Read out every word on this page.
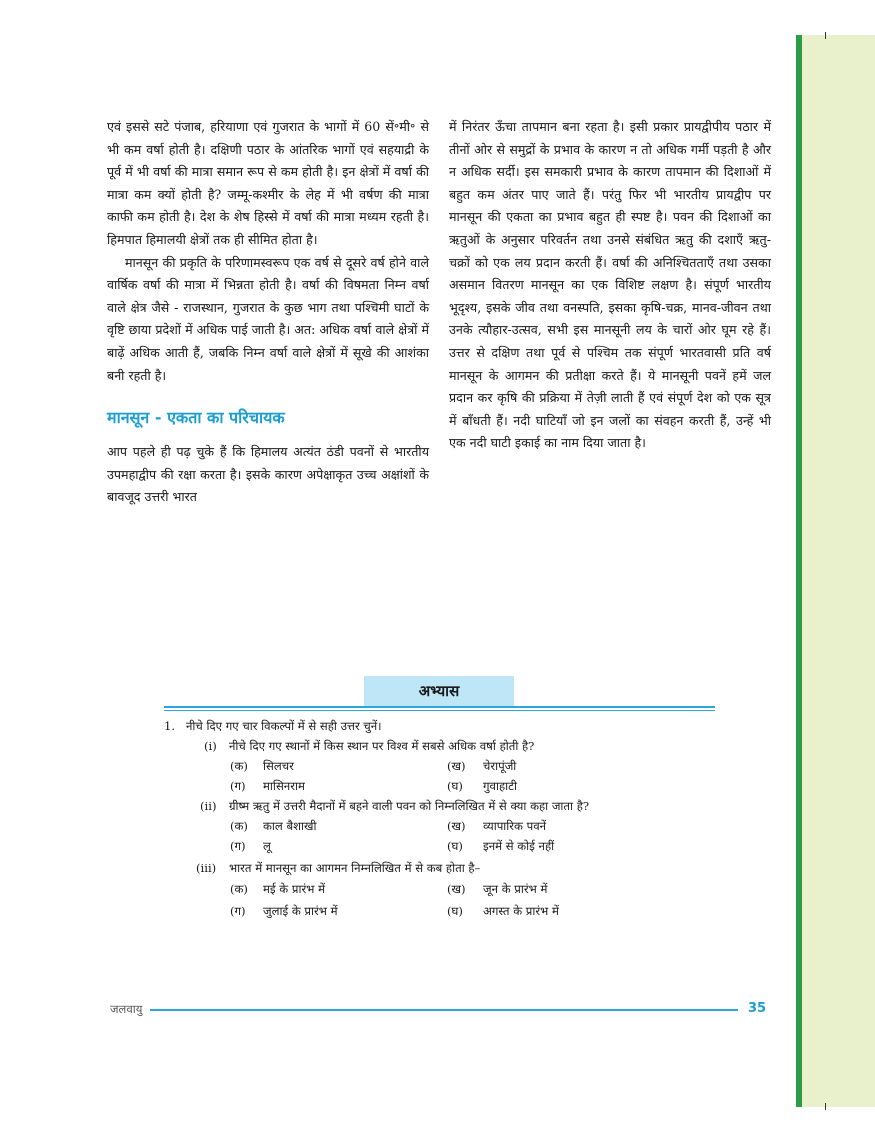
एवं इससे सटे पंजाब, हरियाणा एवं गुजरात के भागों में 60 सें॰मी॰ से भी कम वर्षा होती है। दक्षिणी पठार के आंतरिक भागों एवं सहयाद्री के पूर्व में भी वर्षा की मात्रा समान रूप से कम होती है। इन क्षेत्रों में वर्षा की मात्रा कम क्यों होती है? जम्मू-कश्मीर के लेह में भी वर्षण की मात्रा काफी कम होती है। देश के शेष हिस्से में वर्षा की मात्रा मध्यम रहती है। हिमपात हिमालयी क्षेत्रों तक ही सीमित होता है।

मानसून की प्रकृति के परिणामस्वरूप एक वर्ष से दूसरे वर्ष होने वाले वार्षिक वर्षा की मात्रा में भिन्नता होती है। वर्षा की विषमता निम्न वर्षा वाले क्षेत्र जैसे - राजस्थान, गुजरात के कुछ भाग तथा पश्चिमी घाटों के वृष्टि छाया प्रदेशों में अधिक पाई जाती है। अत: अधिक वर्षा वाले क्षेत्रों में बाढ़ें अधिक आती हैं, जबकि निम्न वर्षा वाले क्षेत्रों में सूखे की आशंका बनी रहती है।

मानसून - एकता का परिचायक

आप पहले ही पढ़ चुके हैं कि हिमालय अत्यंत ठंडी पवनों से भारतीय उपमहाद्वीप की रक्षा करता है। इसके कारण अपेक्षाकृत उच्च अक्षांशों के बावजूद उत्तरी भारत

में निरंतर ऊँचा तापमान बना रहता है। इसी प्रकार प्रायद्वीपीय पठार में तीनों ओर से समुद्रों के प्रभाव के कारण न तो अधिक गर्मी पड़ती है और न अधिक सर्दी। इस समकारी प्रभाव के कारण तापमान की दिशाओं में बहुत कम अंतर पाए जाते हैं। परंतु फिर भी भारतीय प्रायद्वीप पर मानसून की एकता का प्रभाव बहुत ही स्पष्ट है। पवन की दिशाओं का ऋतुओं के अनुसार परिवर्तन तथा उनसे संबंधित ऋतु की दशाएँ ऋतु-चक्रों को एक लय प्रदान करती हैं। वर्षा की अनिश्चितताएँ तथा उसका असमान वितरण मानसून का एक विशिष्ट लक्षण है। संपूर्ण भारतीय भूदृश्य, इसके जीव तथा वनस्पति, इसका कृषि-चक्र, मानव-जीवन तथा उनके त्यौहार-उत्सव, सभी इस मानसूनी लय के चारों ओर घूम रहे हैं। उत्तर से दक्षिण तथा पूर्व से पश्चिम तक संपूर्ण भारतवासी प्रति वर्ष मानसून के आगमन की प्रतीक्षा करते हैं। ये मानसूनी पवनें हमें जल प्रदान कर कृषि की प्रक्रिया में तेज़ी लाती हैं एवं संपूर्ण देश को एक सूत्र में बाँधती हैं। नदी घाटियाँ जो इन जलों का संवहन करती हैं, उन्हें भी एक नदी घाटी इकाई का नाम दिया जाता है।

अभ्यास
1. नीचे दिए गए चार विकल्पों में से सही उत्तर चुनें।
(i) नीचे दिए गए स्थानों में किस स्थान पर विश्व में सबसे अधिक वर्षा होती है?
(क) सिलचर	(ख) चेरापूंजी
(ग) मासिनराम	(घ) गुवाहाटी
(ii) ग्रीष्म ऋतु में उत्तरी मैदानों में बहने वाली पवन को निम्नलिखित में से क्या कहा जाता है?
(क) काल बैशाखी	(ख) व्यापारिक पवनें
(ग) लू	(घ) इनमें से कोई नहीं
(iii) भारत में मानसून का आगमन निम्नलिखित में से कब होता है–
(क) मई के प्रारंभ में	(ख) जून के प्रारंभ में
(ग) जुलाई के प्रारंभ में	(घ) अगस्त के प्रारंभ में
जलवायु	35
